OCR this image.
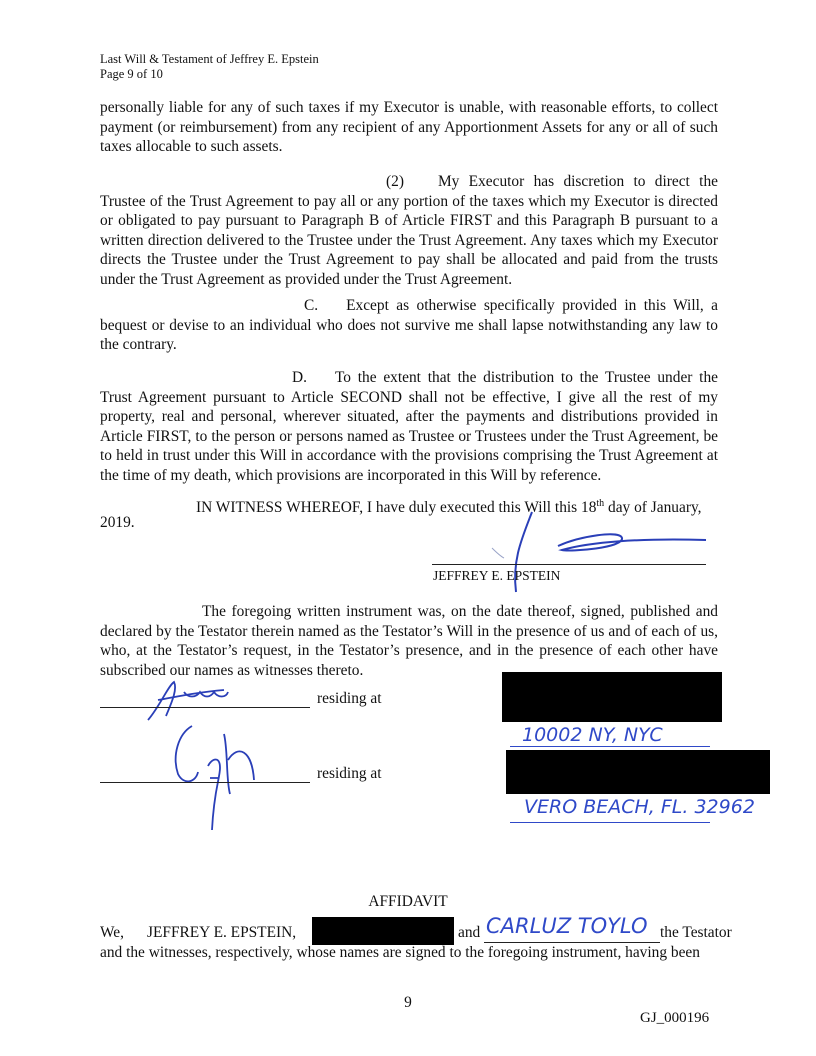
Last Will & Testament of Jeffrey E. Epstein
Page 9 of 10
personally liable for any of such taxes if my Executor is unable, with reasonable efforts, to collect payment (or reimbursement) from any recipient of any Apportionment Assets for any or all of such taxes allocable to such assets.
(2) My Executor has discretion to direct the Trustee of the Trust Agreement to pay all or any portion of the taxes which my Executor is directed or obligated to pay pursuant to Paragraph B of Article FIRST and this Paragraph B pursuant to a written direction delivered to the Trustee under the Trust Agreement. Any taxes which my Executor directs the Trustee under the Trust Agreement to pay shall be allocated and paid from the trusts under the Trust Agreement as provided under the Trust Agreement.
C. Except as otherwise specifically provided in this Will, a bequest or devise to an individual who does not survive me shall lapse notwithstanding any law to the contrary.
D. To the extent that the distribution to the Trustee under the Trust Agreement pursuant to Article SECOND shall not be effective, I give all the rest of my property, real and personal, wherever situated, after the payments and distributions provided in Article FIRST, to the person or persons named as Trustee or Trustees under the Trust Agreement, be to held in trust under this Will in accordance with the provisions comprising the Trust Agreement at the time of my death, which provisions are incorporated in this Will by reference.
IN WITNESS WHEREOF, I have duly executed this Will this 18th day of January,
2019.
JEFFREY E. EPSTEIN
The foregoing written instrument was, on the date thereof, signed, published and declared by the Testator therein named as the Testator’s Will in the presence of us and of each of us, who, at the Testator’s request, in the Testator’s presence, and in the presence of each other have subscribed our names as witnesses thereto.
residing at
10002 NY, NYC
residing at
VERO BEACH, FL. 32962
AFFIDAVIT
We, JEFFREY E. EPSTEIN,	and CARLUZ TOYLO the Testator
and the witnesses, respectively, whose names are signed to the foregoing instrument, having been
9
GJ_000196
